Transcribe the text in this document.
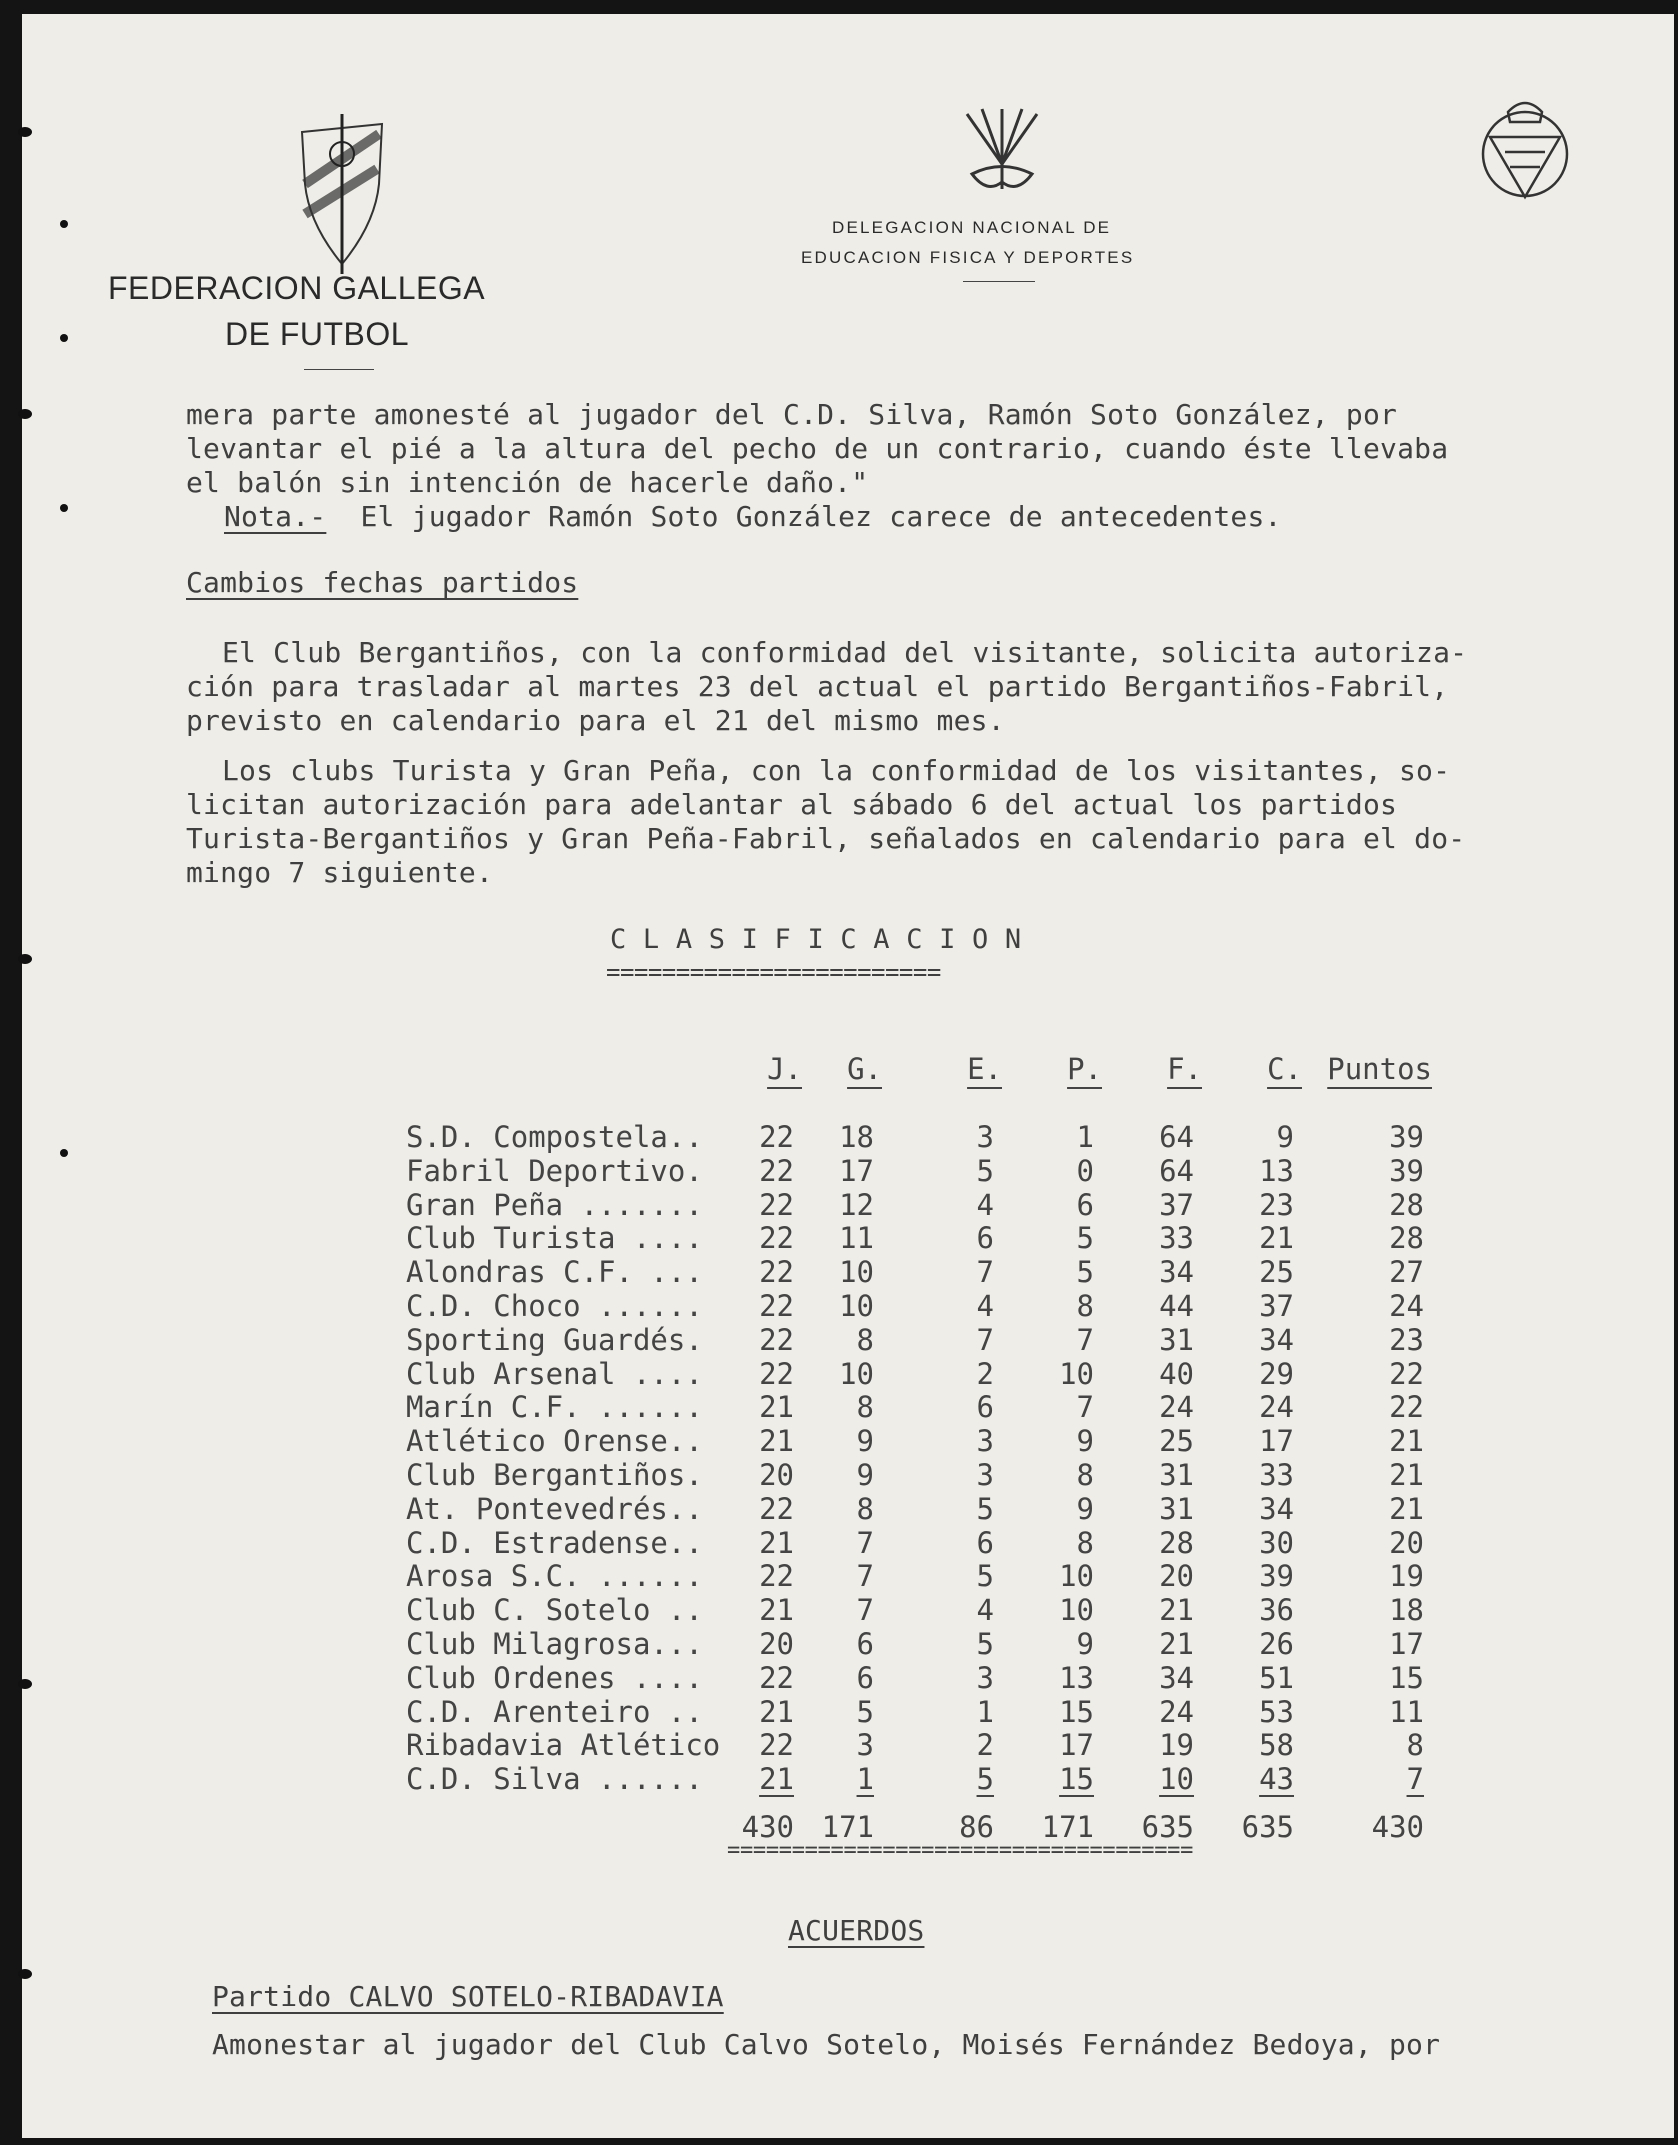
FEDERACION GALLEGA
DE FUTBOL
DELEGACION NACIONAL DE
EDUCACION FISICA Y DEPORTES
mera parte amonesté al jugador del C.D. Silva, Ramón Soto González, por
levantar el pié a la altura del pecho de un contrario, cuando éste llevaba
el balón sin intención de hacerle daño."
Nota.- El jugador Ramón Soto González carece de antecedentes.
Cambios fechas partidos
El Club Bergantiños, con la conformidad del visitante, solicita autoriza-
ción para trasladar al martes 23 del actual el partido Bergantiños-Fabril,
previsto en calendario para el 21 del mismo mes.
Los clubs Turista y Gran Peña, con la conformidad de los visitantes, so-
licitan autorización para adelantar al sábado 6 del actual los partidos
Turista-Bergantiños y Gran Peña-Fabril, señalados en calendario para el do-
mingo 7 siguiente.
C L A S I F I C A C I O N
========================
J. G.	E. P. F. C. Puntos
S.D. Compostela.. 22 18	3	1 64	9	39
Fabril Deportivo. 22 17	5	0 64 13	39
Gran Peña ....... 22 12	4	6 37 23	28
Club Turista .... 22 11	6	5 33 21	28
Alondras C.F. ... 22 10	7	5 34 25	27
C.D. Choco ...... 22 10	4	8 44 37	24
Sporting Guardés. 22 8	7	7 31 34	23
Club Arsenal .... 22 10	2 10 40 29	22
Marín C.F. ...... 21 8	6	7 24 24	22
Atlético Orense.. 21 9	3	9 25 17	21
Club Bergantiños. 20 9	3	8 31 33	21
At. Pontevedrés.. 22 8	5	9 31 34	21
C.D. Estradense.. 21 7	6	8 28 30	20
Arosa S.C. ...... 22 7	5 10 20 39	19
Club C. Sotelo .. 21 7	4 10 21 36	18
Club Milagrosa... 20 6	5	9 21 26	17
Club Ordenes .... 22 6	3 13 34 51	15
C.D. Arenteiro .. 21 5	1 15 24 53	11
Ribadavia Atlético 22 3	2 17 19 58	8
C.D. Silva ...... 21 1	5 15 10 43	7
430 171	86 171 635 635	430
====================================
ACUERDOS
Partido CALVO SOTELO-RIBADAVIA
Amonestar al jugador del Club Calvo Sotelo, Moisés Fernández Bedoya, por
